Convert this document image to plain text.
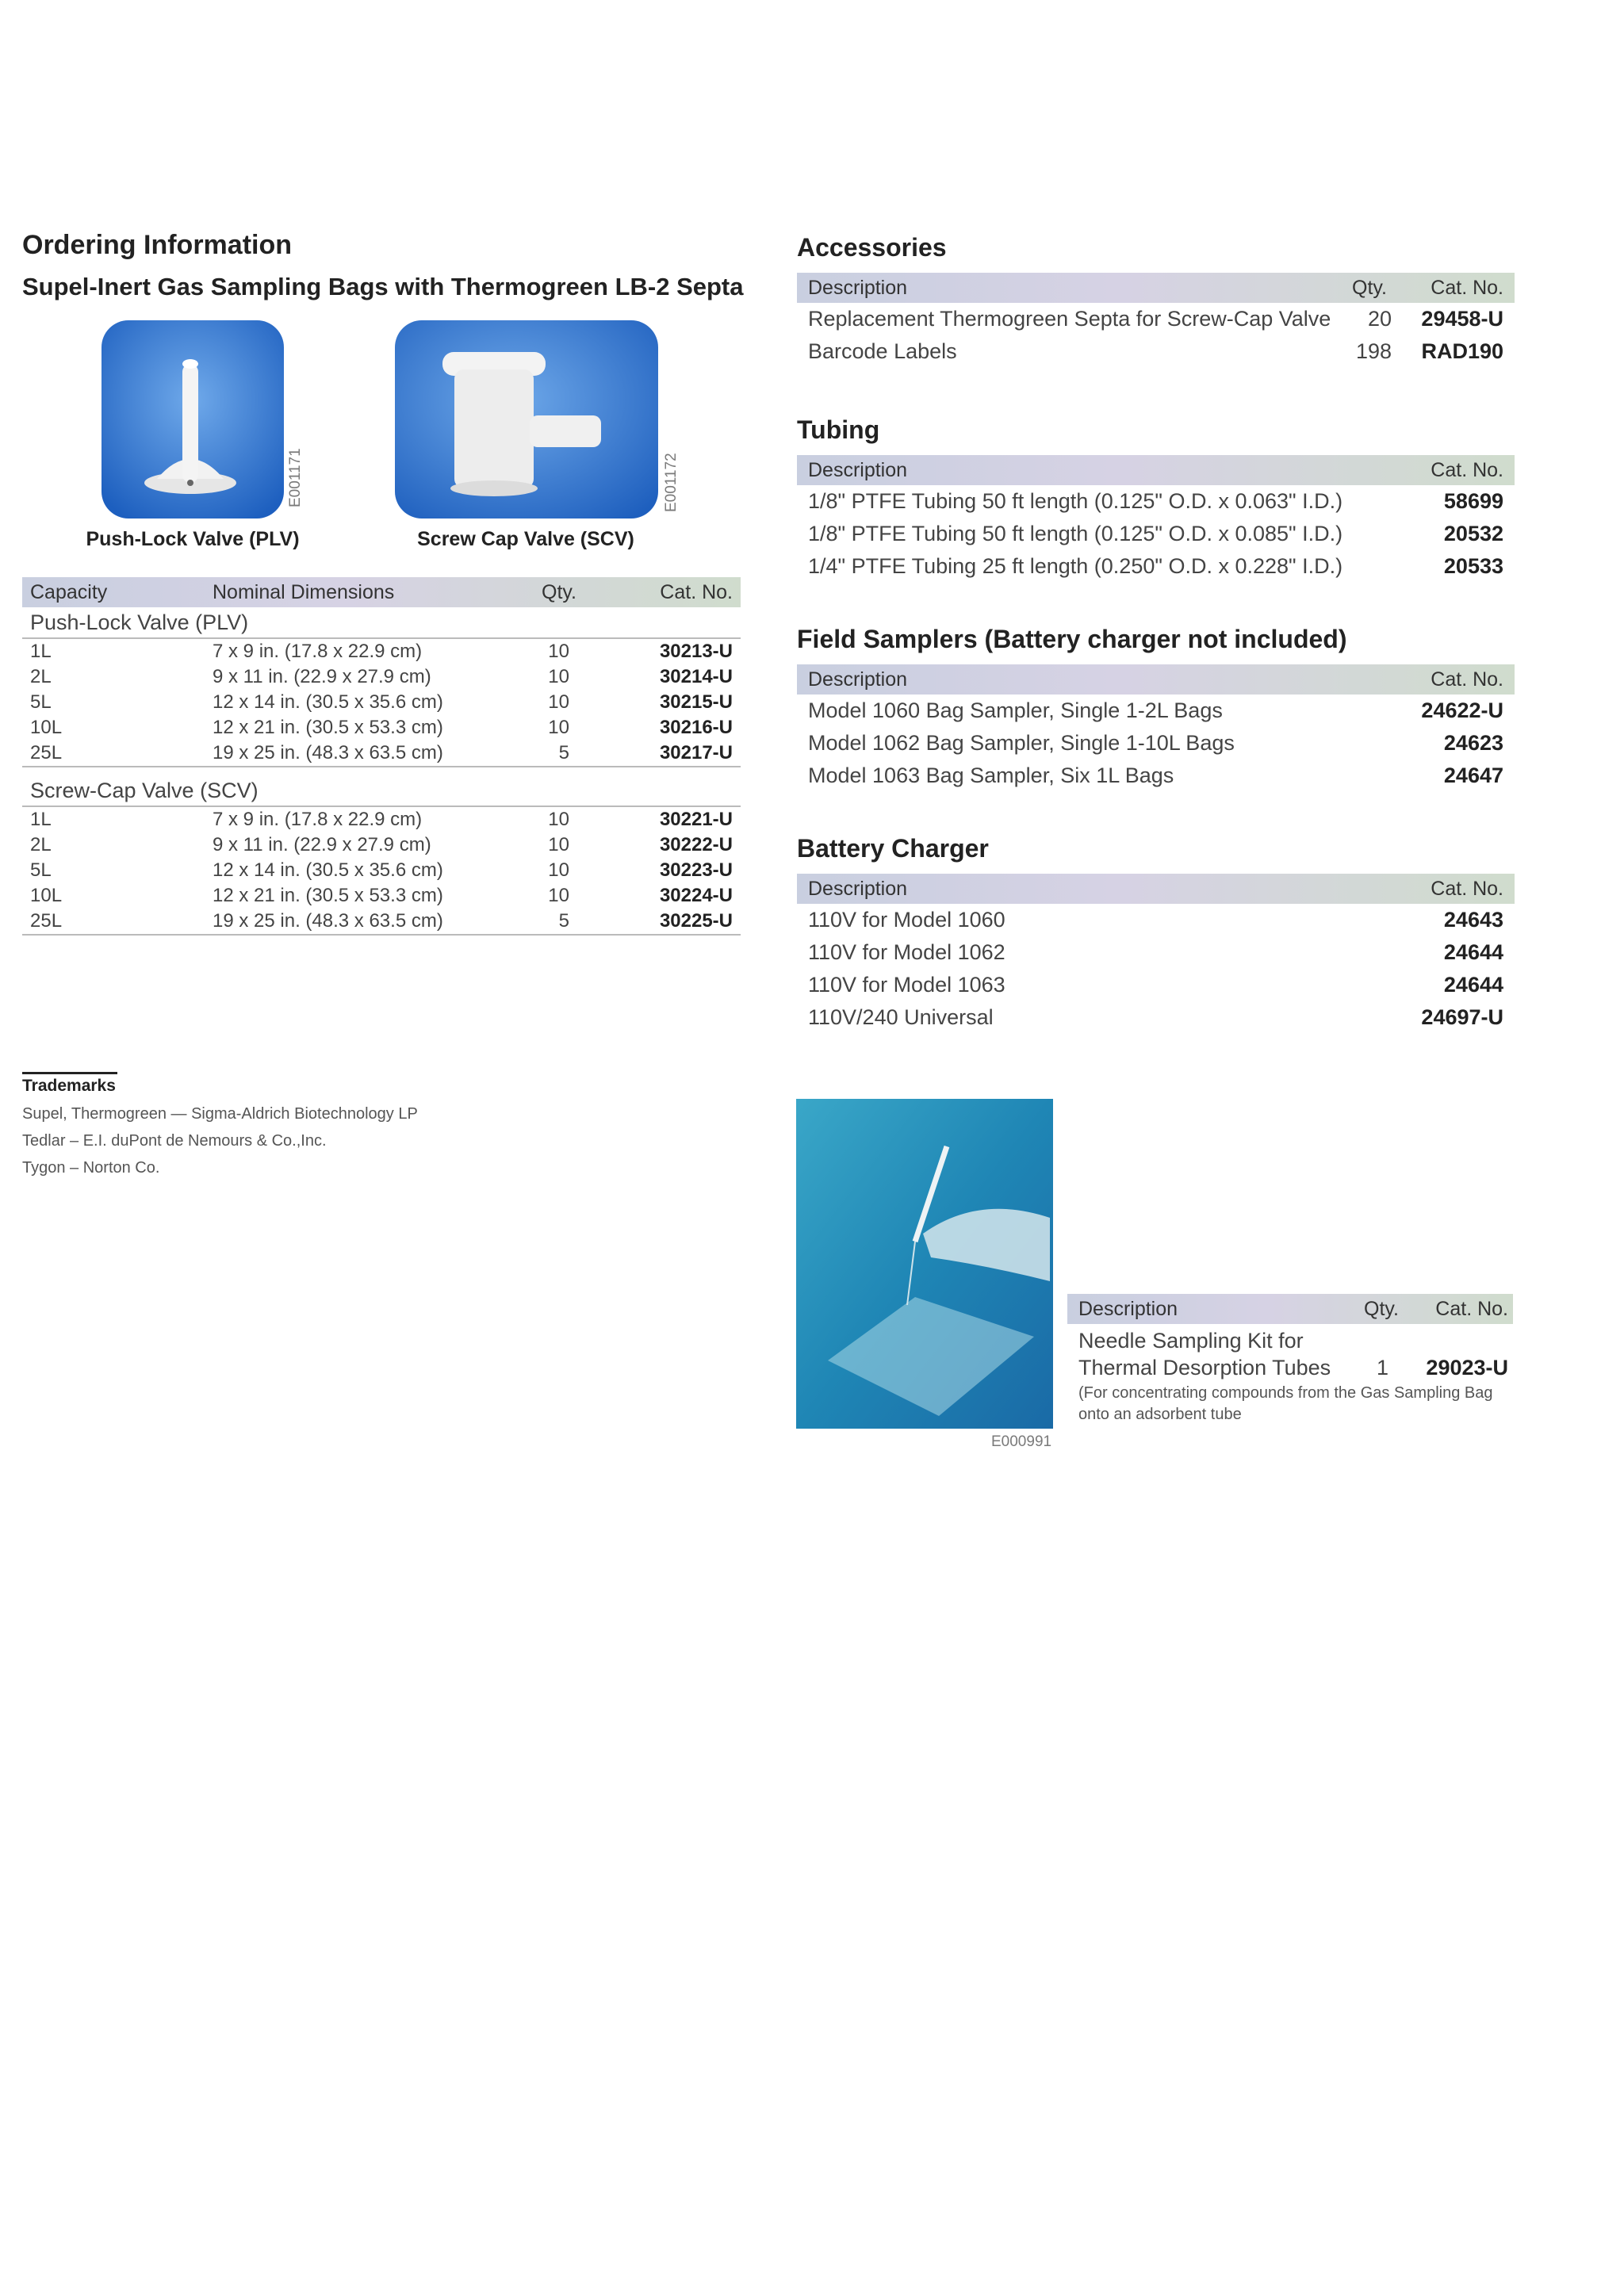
Ordering Information
Supel-Inert Gas Sampling Bags with Thermogreen LB-2 Septa
E001171
Push-Lock Valve (PLV)
E001172
Screw Cap Valve (SCV)
Capacity	Nominal Dimensions	Qty.	Cat. No.
Push-Lock Valve (PLV)
1L	7 x 9 in. (17.8 x 22.9 cm)	10	30213-U
2L	9 x 11 in. (22.9 x 27.9 cm)	10	30214-U
5L	12 x 14 in. (30.5 x 35.6 cm)	10	30215-U
10L	12 x 21 in. (30.5 x 53.3 cm)	10	30216-U
25L	19 x 25 in. (48.3 x 63.5 cm)	5	30217-U
Screw-Cap Valve (SCV)
1L	7 x 9 in. (17.8 x 22.9 cm)	10	30221-U
2L	9 x 11 in. (22.9 x 27.9 cm)	10	30222-U
5L	12 x 14 in. (30.5 x 35.6 cm)	10	30223-U
10L	12 x 21 in. (30.5 x 53.3 cm)	10	30224-U
25L	19 x 25 in. (48.3 x 63.5 cm)	5	30225-U
Trademarks
Supel, Thermogreen — Sigma-Aldrich Biotechnology LP
Tedlar – E.I. duPont de Nemours & Co.,Inc.
Tygon – Norton Co.
Accessories
Description	Qty. Cat. No.
Replacement Thermogreen Septa for Screw-Cap Valve	20 29458-U
Barcode Labels	198 RAD190
Tubing
Description	Cat. No.
1/8" PTFE Tubing 50 ft length (0.125" O.D. x 0.063" I.D.)	58699
1/8" PTFE Tubing 50 ft length (0.125" O.D. x 0.085" I.D.)	20532
1/4" PTFE Tubing 25 ft length (0.250" O.D. x 0.228" I.D.)	20533
Field Samplers (Battery charger not included)
Description	Cat. No.
Model 1060 Bag Sampler, Single 1-2L Bags	24622-U
Model 1062 Bag Sampler, Single 1-10L Bags	24623
Model 1063 Bag Sampler, Six 1L Bags	24647
Battery Charger
Description	Cat. No.
110V for Model 1060	24643
110V for Model 1062	24644
110V for Model 1063	24644
110V/240 Universal	24697-U
E000991
Description	Qty. Cat. No.
Needle Sampling Kit for
Thermal Desorption Tubes 1 29023-U
(For concentrating compounds from the Gas Sampling Bag
onto an adsorbent tube
